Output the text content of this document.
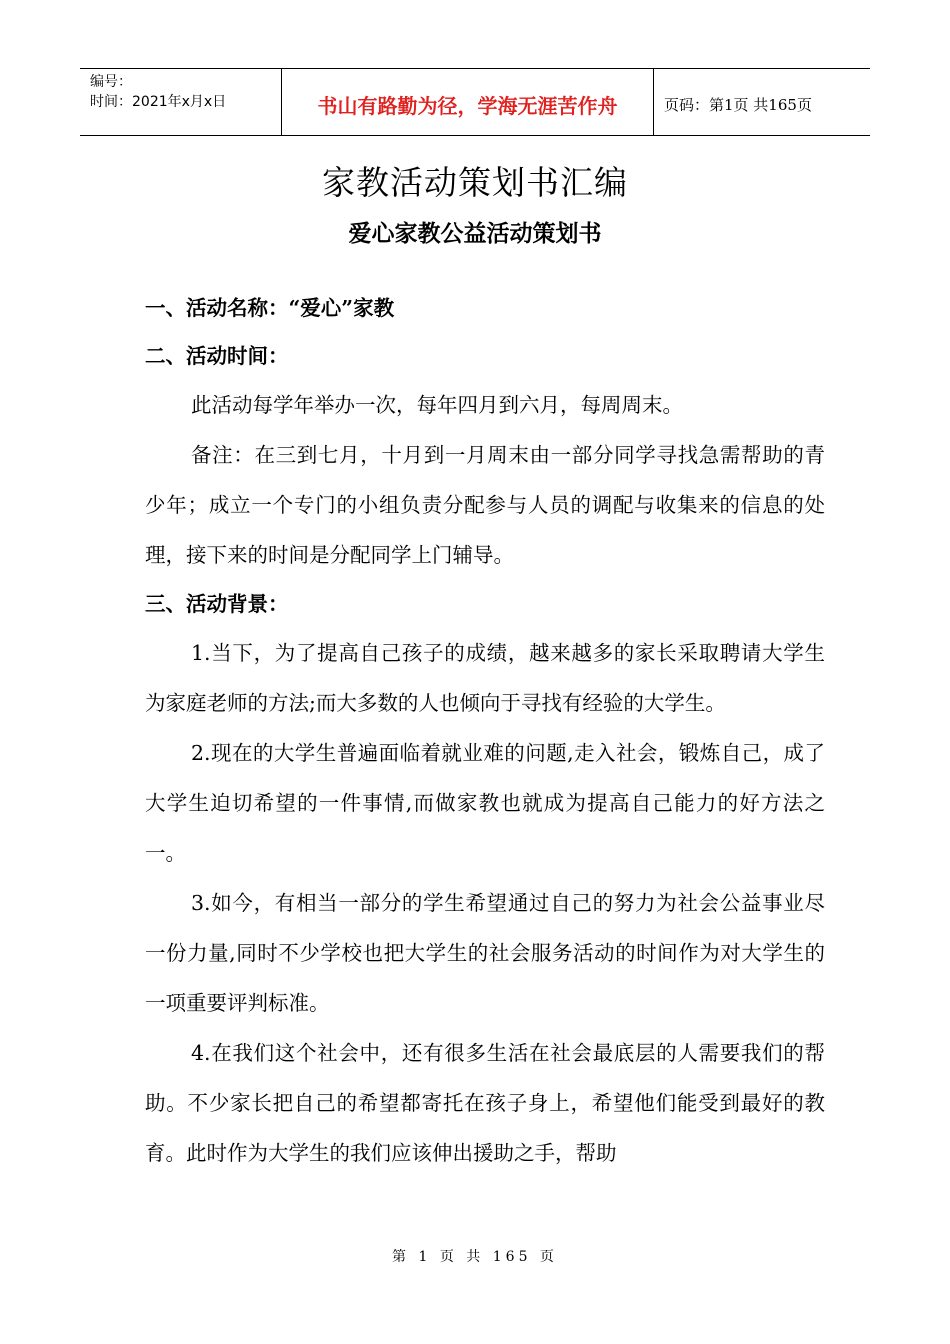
编号：
时间：2021年x月x日	书山有路勤为径，学海无涯苦作舟	页码：第1页 共165页
家教活动策划书汇编
爱心家教公益活动策划书

一、活动名称：“爱心”家教

二、活动时间：

此活动每学年举办一次，每年四月到六月，每周周末。

备注：在三到七月，十月到一月周末由一部分同学寻找急需帮助的青少年；成立一个专门的小组负责分配参与人员的调配与收集来的信息的处理，接下来的时间是分配同学上门辅导。

三、活动背景：

1.当下，为了提高自己孩子的成绩，越来越多的家长采取聘请大学生为家庭老师的方法;而大多数的人也倾向于寻找有经验的大学生。

2.现在的大学生普遍面临着就业难的问题,走入社会，锻炼自己，成了大学生迫切希望的一件事情,而做家教也就成为提高自己能力的好方法之一。

3.如今，有相当一部分的学生希望通过自己的努力为社会公益事业尽一份力量,同时不少学校也把大学生的社会服务活动的时间作为对大学生的一项重要评判标准。

4.在我们这个社会中，还有很多生活在社会最底层的人需要我们的帮助。不少家长把自己的希望都寄托在孩子身上，希望他们能受到最好的教育。此时作为大学生的我们应该伸出援助之手，帮助

第 1 页 共 165 页
